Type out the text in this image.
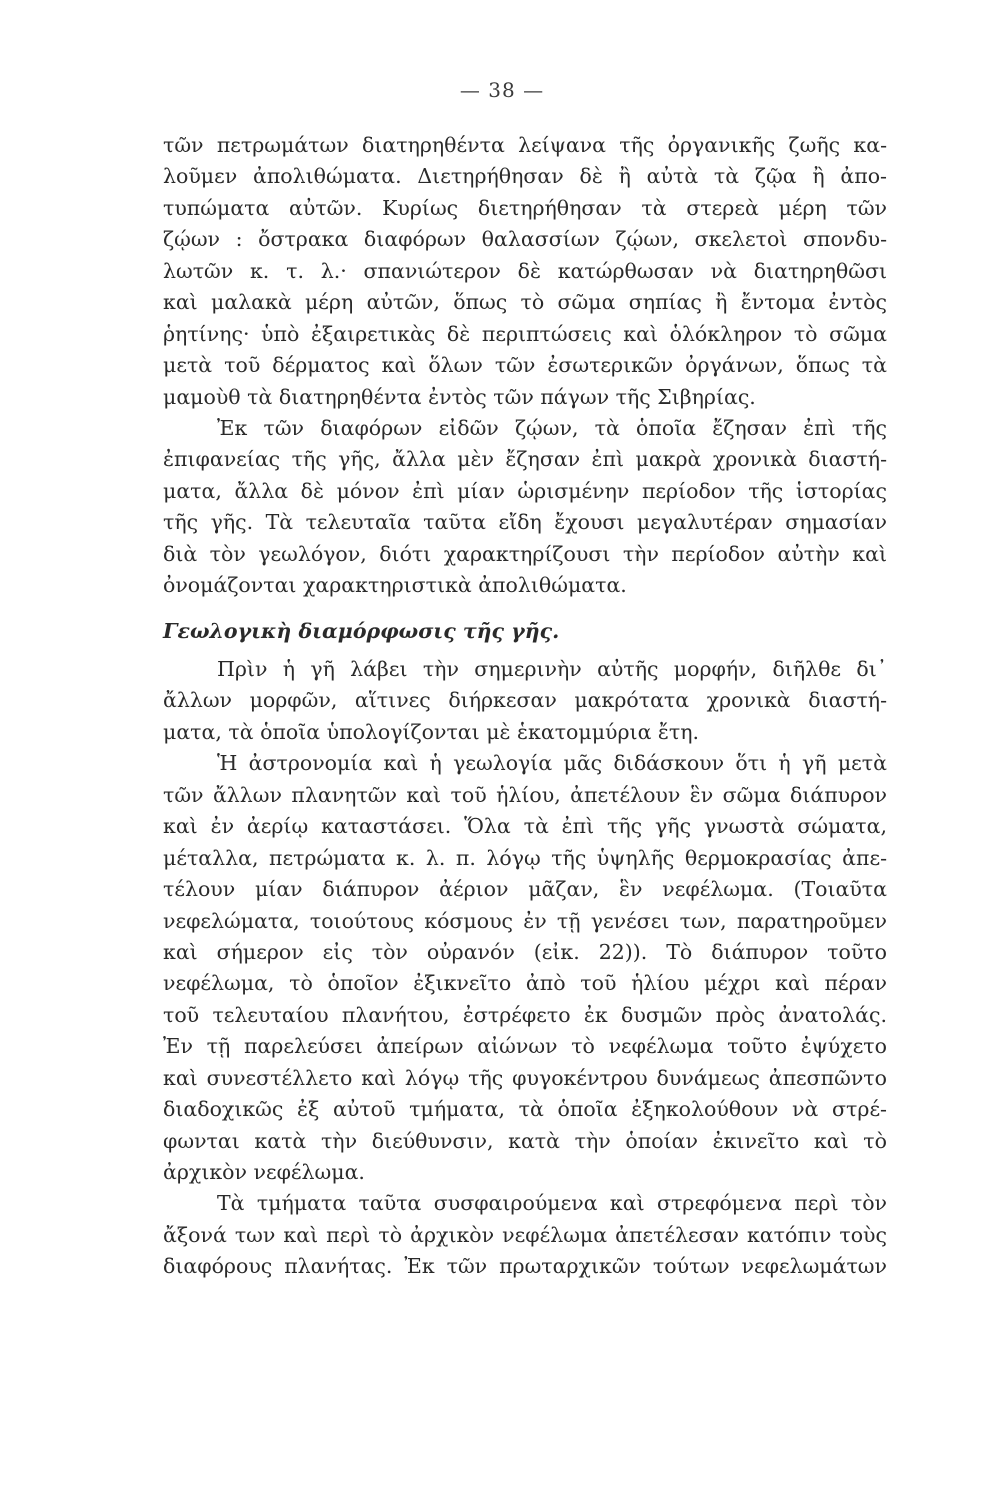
— 38 —
τῶν πετρωμάτων διατηρηθέντα λείψανα τῆς ὀργανικῆς ζωῆς κα-
λοῦμεν ἀπολιθώματα. Διετηρήθησαν δὲ ἢ αὐτὰ τὰ ζῷα ἢ ἀπο-
τυπώματα αὐτῶν. Κυρίως διετηρήθησαν τὰ στερεὰ μέρη τῶν
ζῴων : ὄστρακα διαφόρων θαλασσίων ζῴων, σκελετοὶ σπονδυ-
λωτῶν κ. τ. λ.· σπανιώτερον δὲ κατώρθωσαν νὰ διατηρηθῶσι
καὶ μαλακὰ μέρη αὐτῶν, ὅπως τὸ σῶμα σηπίας ἢ ἔντομα ἐντὸς
ῥητίνης· ὑπὸ ἐξαιρετικὰς δὲ περιπτώσεις καὶ ὁλόκληρον τὸ σῶμα
μετὰ τοῦ δέρματος καὶ ὅλων τῶν ἐσωτερικῶν ὀργάνων, ὅπως τὰ
μαμοὺθ τὰ διατηρηθέντα ἐντὸς τῶν πάγων τῆς Σιβηρίας.
Ἐκ τῶν διαφόρων εἰδῶν ζῴων, τὰ ὁποῖα ἔζησαν ἐπὶ τῆς
ἐπιφανείας τῆς γῆς, ἄλλα μὲν ἔζησαν ἐπὶ μακρὰ χρονικὰ διαστή-
ματα, ἄλλα δὲ μόνον ἐπὶ μίαν ὡρισμένην περίοδον τῆς ἱστορίας
τῆς γῆς. Τὰ τελευταῖα ταῦτα εἴδη ἔχουσι μεγαλυτέραν σημασίαν
διὰ τὸν γεωλόγον, διότι χαρακτηρίζουσι τὴν περίοδον αὐτὴν καὶ
ὀνομάζονται χαρακτηριστικὰ ἀπολιθώματα.
Γεωλογικὴ διαμόρφωσις τῆς γῆς.
Πρὶν ἡ γῆ λάβει τὴν σημερινὴν αὐτῆς μορφήν, διῆλθε δι᾽
ἄλλων μορφῶν, αἵτινες διήρκεσαν μακρότατα χρονικὰ διαστή-
ματα, τὰ ὁποῖα ὑπολογίζονται μὲ ἑκατομμύρια ἔτη.
Ἡ ἀστρονομία καὶ ἡ γεωλογία μᾶς διδάσκουν ὅτι ἡ γῆ μετὰ
τῶν ἄλλων πλανητῶν καὶ τοῦ ἡλίου, ἀπετέλουν ἓν σῶμα διάπυρον
καὶ ἐν ἀερίῳ καταστάσει. Ὅλα τὰ ἐπὶ τῆς γῆς γνωστὰ σώματα,
μέταλλα, πετρώματα κ. λ. π. λόγῳ τῆς ὑψηλῆς θερμοκρασίας ἀπε-
τέλουν μίαν διάπυρον ἀέριον μᾶζαν, ἓν νεφέλωμα. (Τοιαῦτα
νεφελώματα, τοιούτους κόσμους ἐν τῇ γενέσει των, παρατηροῦμεν
καὶ σήμερον εἰς τὸν οὐρανόν (εἰκ. 22)). Τὸ διάπυρον τοῦτο
νεφέλωμα, τὸ ὁποῖον ἐξικνεῖτο ἀπὸ τοῦ ἡλίου μέχρι καὶ πέραν
τοῦ τελευταίου πλανήτου, ἐστρέφετο ἐκ δυσμῶν πρὸς ἀνατολάς.
Ἐν τῇ παρελεύσει ἀπείρων αἰώνων τὸ νεφέλωμα τοῦτο ἐψύχετο
καὶ συνεστέλλετο καὶ λόγῳ τῆς φυγοκέντρου δυνάμεως ἀπεσπῶντο
διαδοχικῶς ἐξ αὐτοῦ τμήματα, τὰ ὁποῖα ἐξηκολούθουν νὰ στρέ-
φωνται κατὰ τὴν διεύθυνσιν, κατὰ τὴν ὁποίαν ἐκινεῖτο καὶ τὸ
ἀρχικὸν νεφέλωμα.
Τὰ τμήματα ταῦτα συσφαιρούμενα καὶ στρεφόμενα περὶ τὸν
ἄξονά των καὶ περὶ τὸ ἀρχικὸν νεφέλωμα ἀπετέλεσαν κατόπιν τοὺς
διαφόρους πλανήτας. Ἐκ τῶν πρωταρχικῶν τούτων νεφελωμάτων
